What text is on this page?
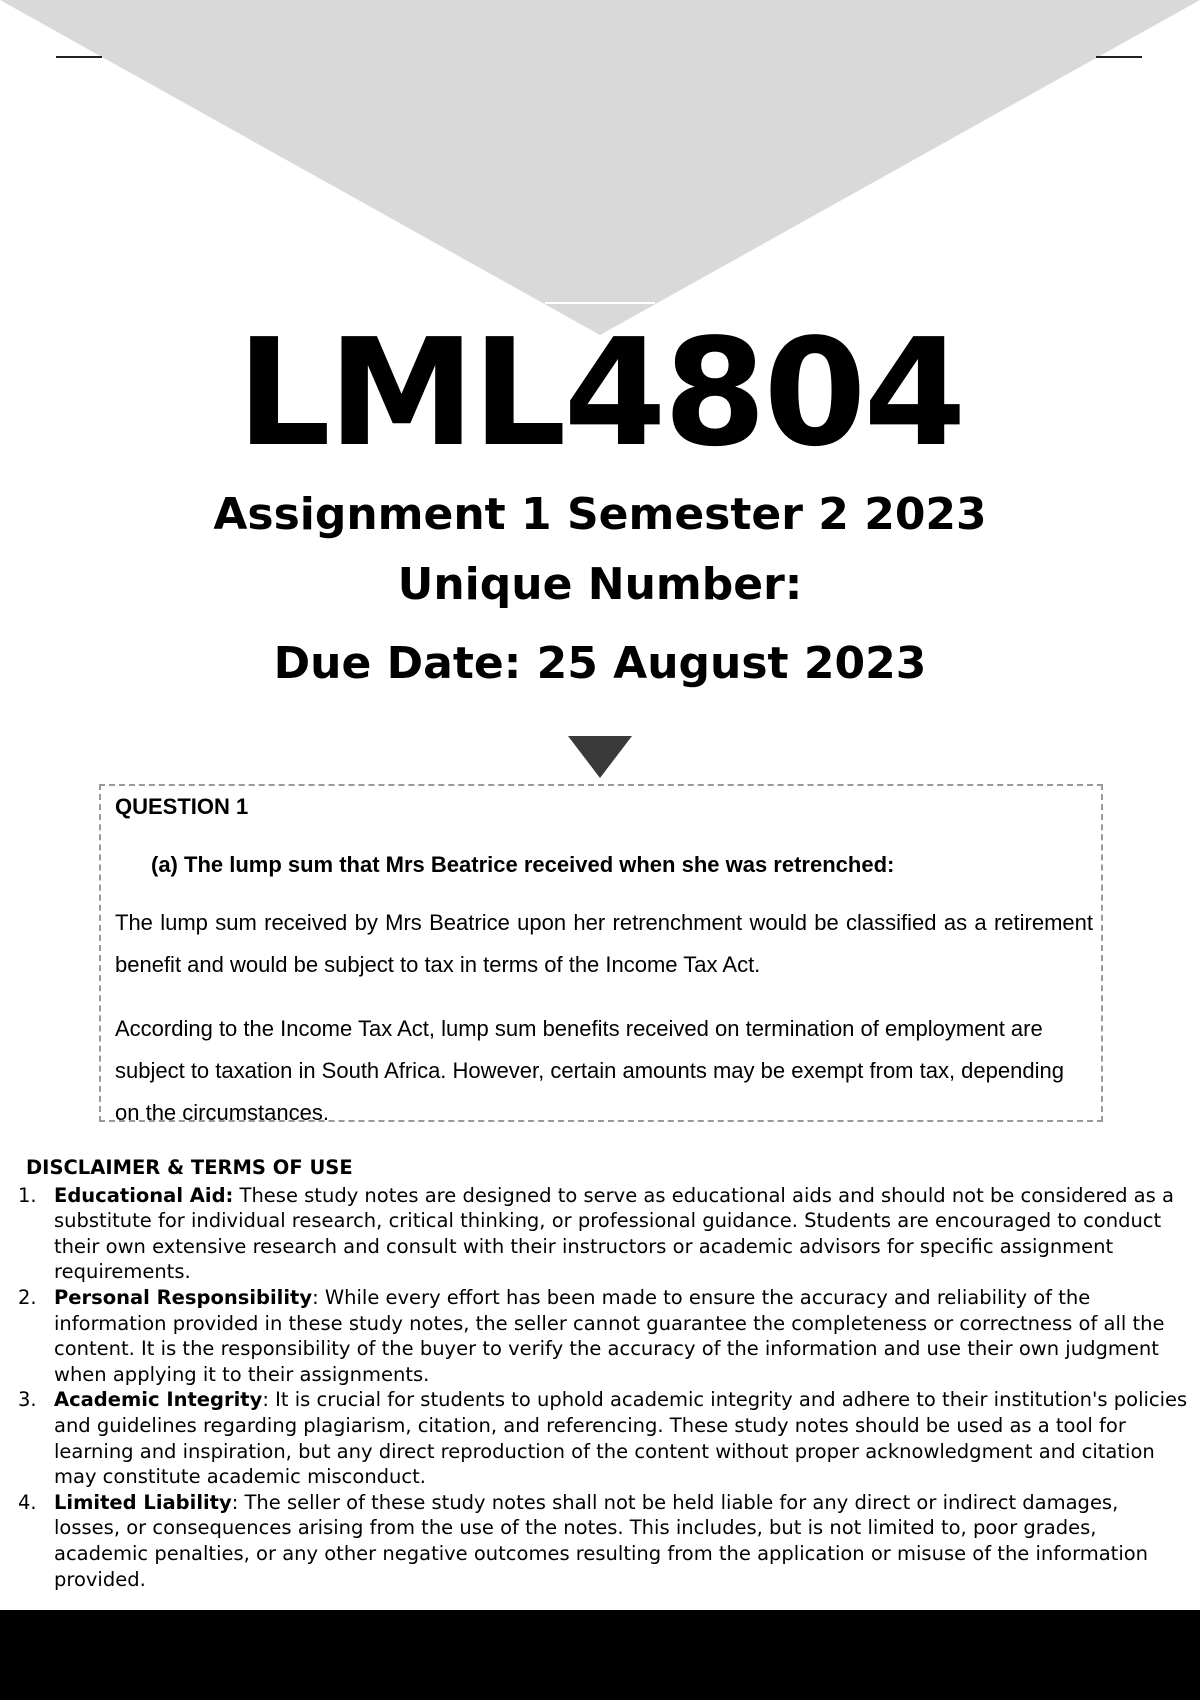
LML4804
Assignment 1 Semester 2 2023
Unique Number:
Due Date: 25 August 2023
QUESTION 1
(a) The lump sum that Mrs Beatrice received when she was retrenched:
The lump sum received by Mrs Beatrice upon her retrenchment would be classified as a retirement benefit and would be subject to tax in terms of the Income Tax Act.
According to the Income Tax Act, lump sum benefits received on termination of employment are subject to taxation in South Africa. However, certain amounts may be exempt from tax, depending on the circumstances.
DISCLAIMER & TERMS OF USE
1. Educational Aid: These study notes are designed to serve as educational aids and should not be considered as a substitute for individual research, critical thinking, or professional guidance. Students are encouraged to conduct their own extensive research and consult with their instructors or academic advisors for specific assignment requirements.
2. Personal Responsibility: While every effort has been made to ensure the accuracy and reliability of the information provided in these study notes, the seller cannot guarantee the completeness or correctness of all the content. It is the responsibility of the buyer to verify the accuracy of the information and use their own judgment when applying it to their assignments.
3. Academic Integrity: It is crucial for students to uphold academic integrity and adhere to their institution's policies and guidelines regarding plagiarism, citation, and referencing. These study notes should be used as a tool for learning and inspiration, but any direct reproduction of the content without proper acknowledgment and citation may constitute academic misconduct.
4. Limited Liability: The seller of these study notes shall not be held liable for any direct or indirect damages, losses, or consequences arising from the use of the notes. This includes, but is not limited to, poor grades, academic penalties, or any other negative outcomes resulting from the application or misuse of the information provided.
